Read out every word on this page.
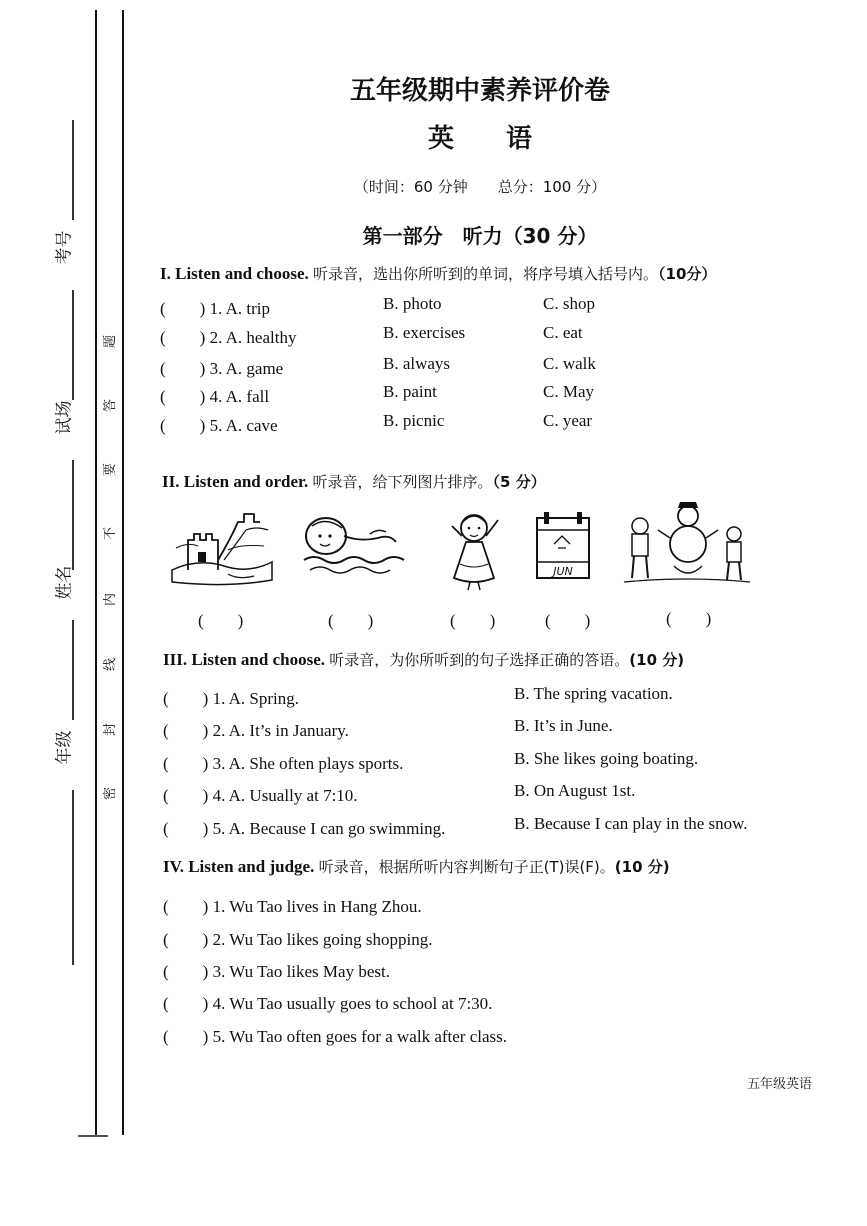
考号
试场
姓名
年级
题
答
要
不
内
线
封
密
五年级期中素养评价卷
英　　语
（时间：60 分钟　　总分：100 分）
第一部分　听力（30 分）
I. Listen and choose. 听录音，选出你所听到的单词，将序号填入括号内。（10分）
(　　) 1. A. trip	B. photo	C. shop
(　　) 2. A. healthy	B. exercises	C. eat
(　　) 3. A. game	B. always	C. walk
(　　) 4. A. fall	B. paint	C. May
(　　) 5. A. cave	B. picnic	C. year
II. Listen and order. 听录音，给下列图片排序。（5 分）
JUN
(　　)	(　　)	(　　)	(　　)	(　　)
III. Listen and choose. 听录音，为你所听到的句子选择正确的答语。(10 分)
(　　) 1. A. Spring.	B. The spring vacation.
(　　) 2. A. It’s in January.	B. It’s in June.
(　　) 3. A. She often plays sports.	B. She likes going boating.
(　　) 4. A. Usually at 7:10.	B. On August 1st.
(　　) 5. A. Because I can go swimming.	B. Because I can play in the snow.
IV. Listen and judge. 听录音，根据所听内容判断句子正(T)误(F)。(10 分)
(　　) 1. Wu Tao lives in Hang Zhou.
(　　) 2. Wu Tao likes going shopping.
(　　) 3. Wu Tao likes May best.
(　　) 4. Wu Tao usually goes to school at 7:30.
(　　) 5. Wu Tao often goes for a walk after class.
五年级英语
